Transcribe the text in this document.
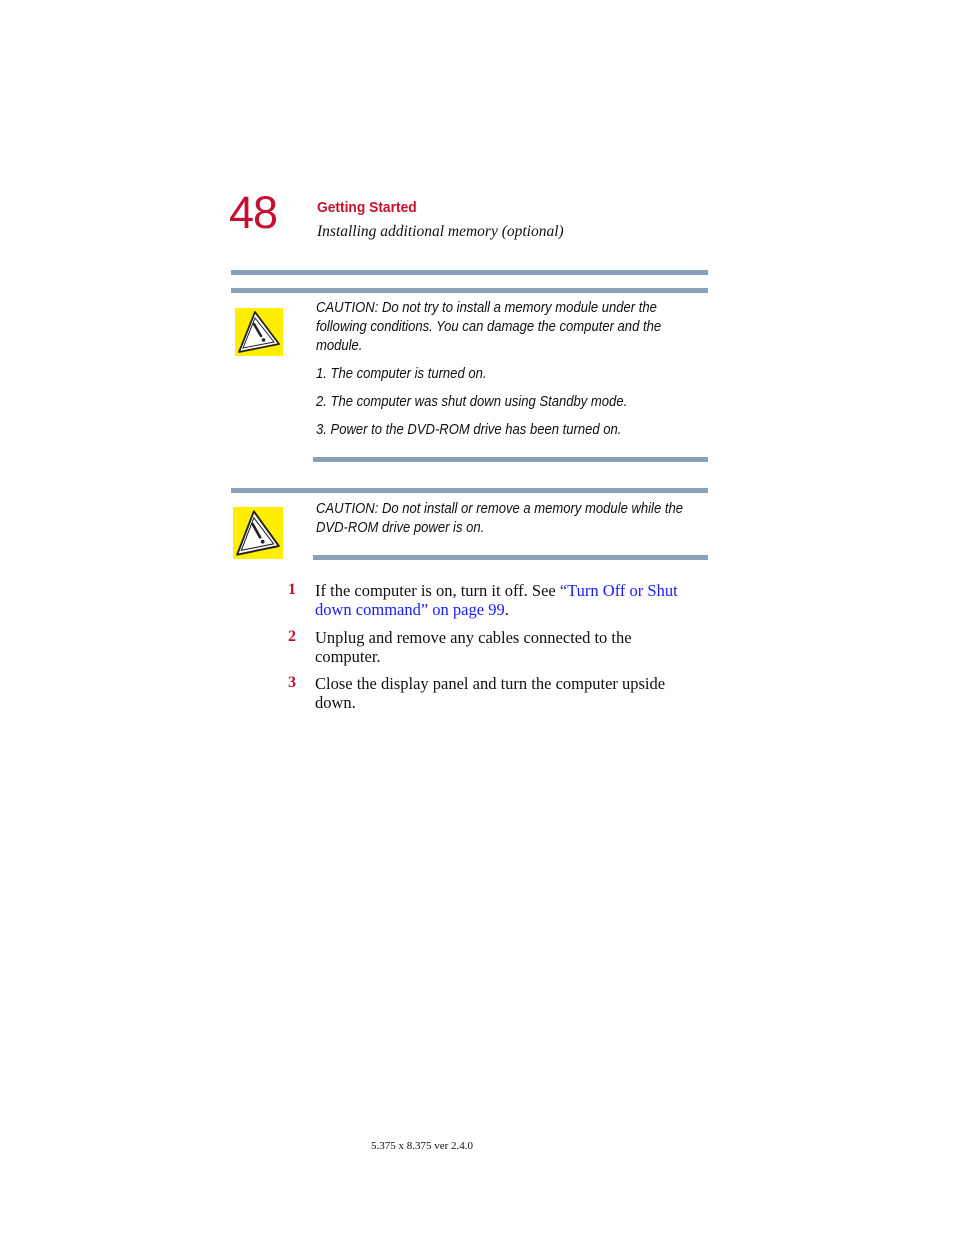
48	Getting Started
Installing additional memory (optional)

CAUTION: Do not try to install a memory module under the

following conditions. You can damage the computer and the

module.

1. The computer is turned on.
2. The computer was shut down using Standby mode.
3. Power to the DVD-ROM drive has been turned on.

CAUTION: Do not install or remove a memory module while the

DVD-ROM drive power is on.

1 If the computer is on, turn it off. See “Turn Off or Shut
down command” on page 99.
2 Unplug and remove any cables connected to the
computer.
3 Close the display panel and turn the computer upside
down.
5.375 x 8.375 ver 2.4.0
